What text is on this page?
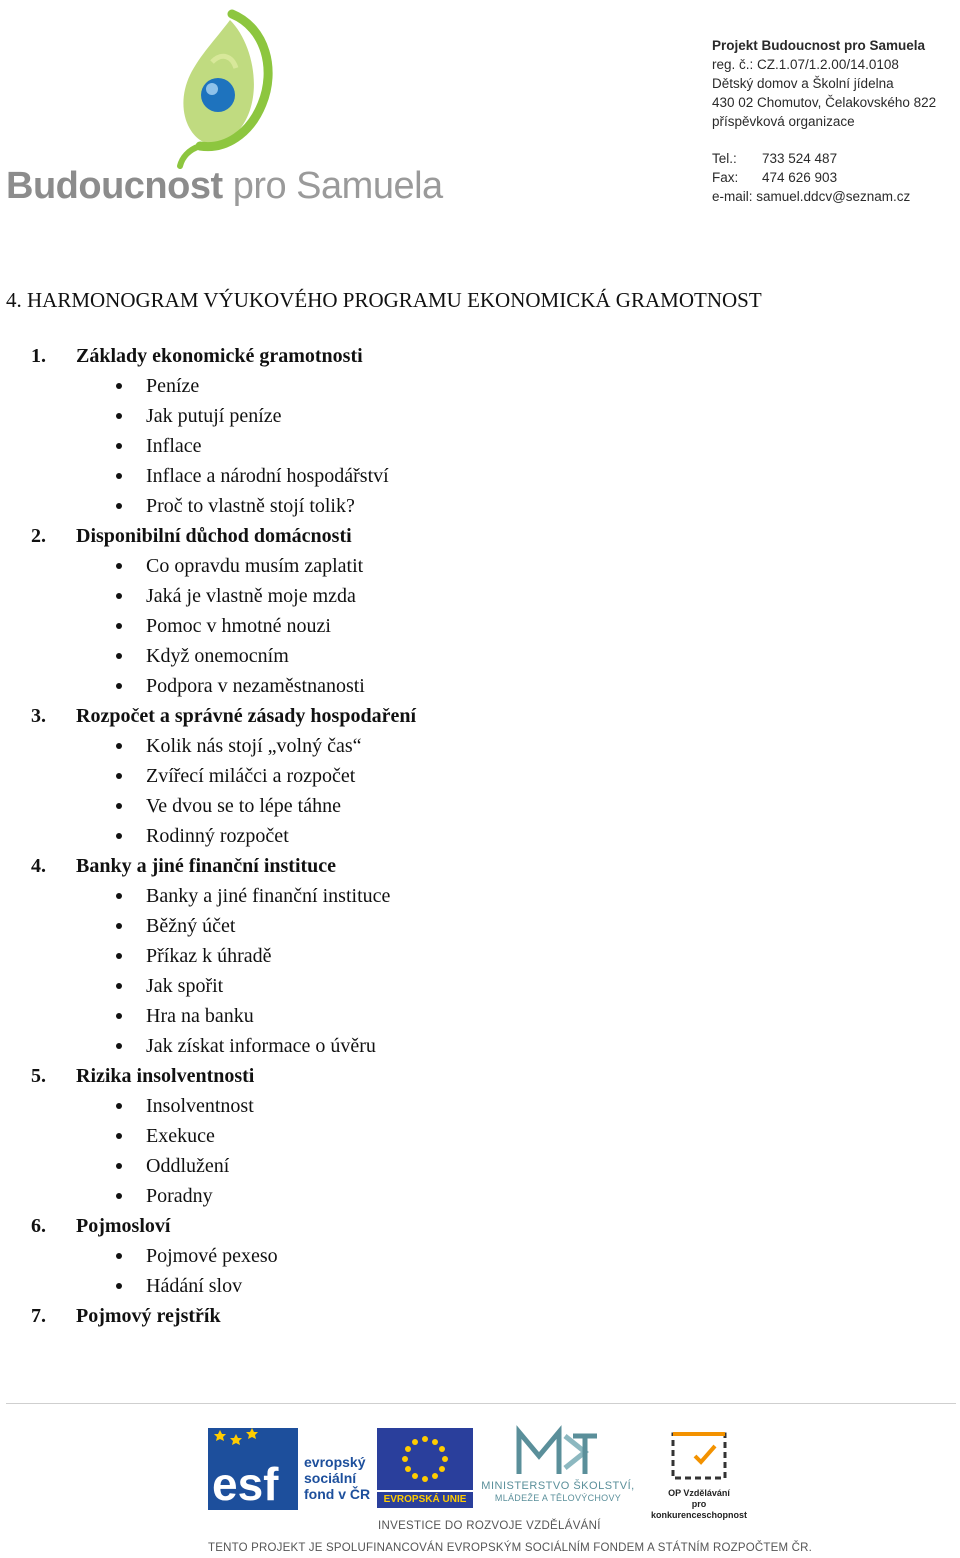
Budoucnost pro Samuela
Projekt Budoucnost pro Samuela
reg. č.: CZ.1.07/1.2.00/14.0108
Dětský domov a Školní jídelna
430 02 Chomutov, Čelakovského 822
příspěvková organizace
Tel.: 733 524 487
Fax: 474 626 903
e-mail: samuel.ddcv@seznam.cz
4. HARMONOGRAM VÝUKOVÉHO PROGRAMU EKONOMICKÁ GRAMOTNOST
1. Základy ekonomické gramotnosti
Peníze
Jak putují peníze
Inflace
Inflace a národní hospodářství
Proč to vlastně stojí tolik?
2. Disponibilní důchod domácnosti
Co opravdu musím zaplatit
Jaká je vlastně moje mzda
Pomoc v hmotné nouzi
Když onemocním
Podpora v nezaměstnanosti
3. Rozpočet a správné zásady hospodaření
Kolik nás stojí „volný čas“
Zvířecí miláčci a rozpočet
Ve dvou se to lépe táhne
Rodinný rozpočet
4. Banky a jiné finanční instituce
Banky a jiné finanční instituce
Běžný účet
Příkaz k úhradě
Jak spořit
Hra na banku
Jak získat informace o úvěru
5. Rizika insolventnosti
Insolventnost
Exekuce
Oddlužení
Poradny
6. Pojmosloví
Pojmové pexeso
Hádání slov
7. Pojmový rejstřík
esf evropský
sociální
fond v ČR	EVROPSKÁ UNIE
MINISTERSTVO ŠKOLSTVÍ,
MLÁDEŽE A TĚLOVÝCHOVY	OP Vzdělávání
pro konkurenceschopnost
INVESTICE DO ROZVOJE VZDĚLÁVÁNÍ
TENTO PROJEKT JE SPOLUFINANCOVÁN EVROPSKÝM SOCIÁLNÍM FONDEM A STÁTNÍM ROZPOČTEM ČR.
